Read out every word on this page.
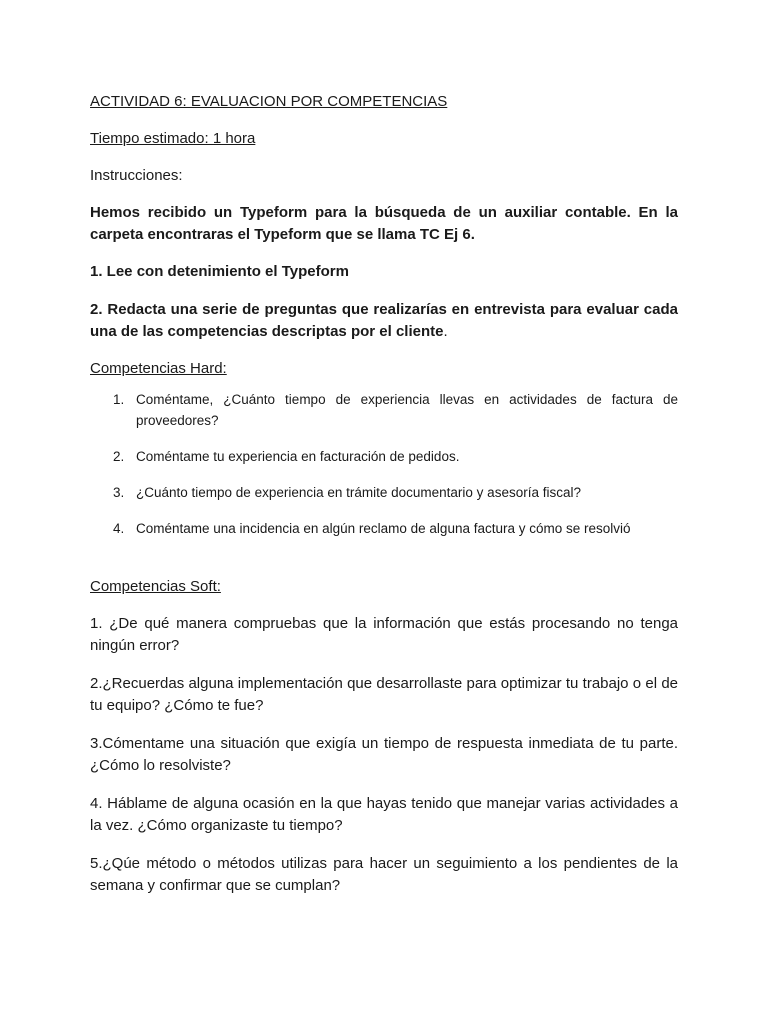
ACTIVIDAD 6: EVALUACION POR COMPETENCIAS

Tiempo estimado: 1 hora

Instrucciones:

Hemos recibido un Typeform para la búsqueda de un auxiliar contable. En la carpeta encontraras el Typeform que se llama TC Ej 6.

1. Lee con detenimiento el Typeform

2. Redacta una serie de preguntas que realizarías en entrevista para evaluar cada una de las competencias descriptas por el cliente.

Competencias Hard:

1. Coméntame, ¿Cuánto tiempo de experiencia llevas en actividades de factura de proveedores?
2. Coméntame tu experiencia en facturación de pedidos.
3. ¿Cuánto tiempo de experiencia en trámite documentario y asesoría fiscal?
4. Coméntame una incidencia en algún reclamo de alguna factura y cómo se resolvió

Competencias Soft:

1. ¿De qué manera compruebas que la información que estás procesando no tenga ningún error?

2.¿Recuerdas alguna implementación que desarrollaste para optimizar tu trabajo o el de tu equipo? ¿Cómo te fue?

3.Cómentame una situación que exigía un tiempo de respuesta inmediata de tu parte. ¿Cómo lo resolviste?

4. Háblame de alguna ocasión en la que hayas tenido que manejar varias actividades a la vez. ¿Cómo organizaste tu tiempo?

5.¿Qúe método o métodos utilizas para hacer un seguimiento a los pendientes de la semana y confirmar que se cumplan?
